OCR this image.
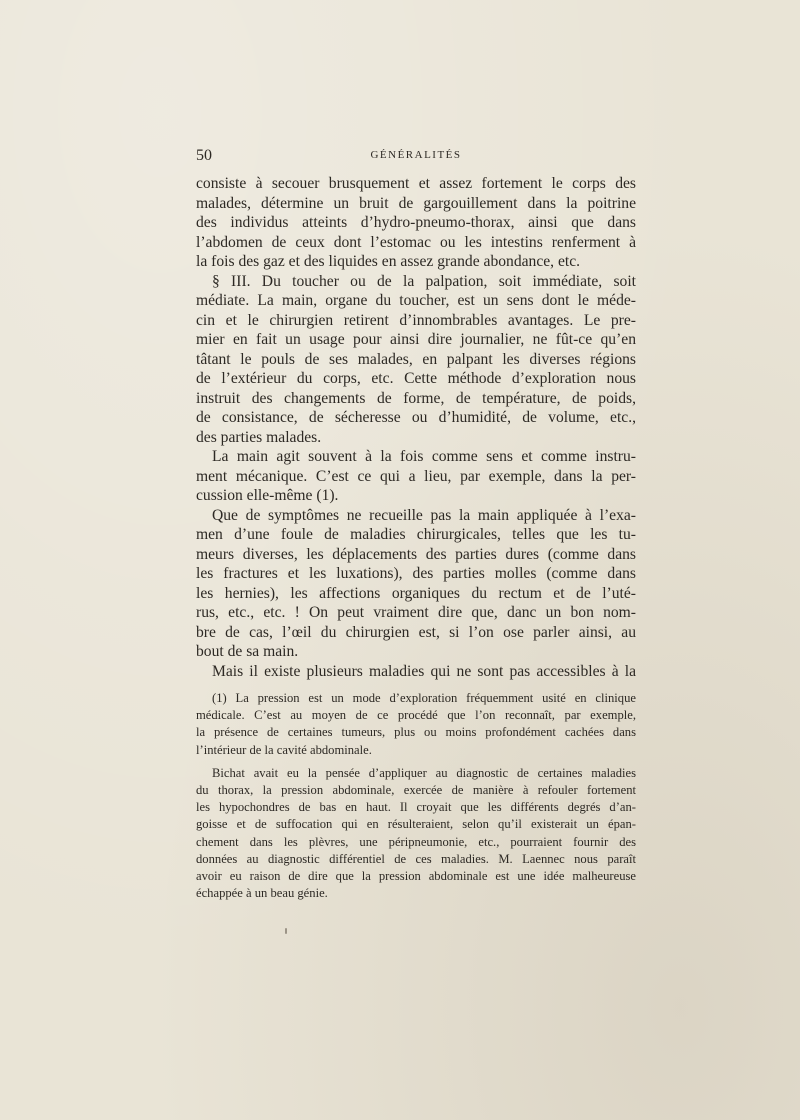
50	GÉNÉRALITÉS
consiste à secouer brusquement et assez fortement le corps des
malades, détermine un bruit de gargouillement dans la poitrine
des individus atteints d’hydro-pneumo-thorax, ainsi que dans
l’abdomen de ceux dont l’estomac ou les intestins renferment à
la fois des gaz et des liquides en assez grande abondance, etc.
§ III. Du toucher ou de la palpation, soit immédiate, soit
médiate. La main, organe du toucher, est un sens dont le méde-
cin et le chirurgien retirent d’innombrables avantages. Le pre-
mier en fait un usage pour ainsi dire journalier, ne fût-ce qu’en
tâtant le pouls de ses malades, en palpant les diverses régions
de l’extérieur du corps, etc. Cette méthode d’exploration nous
instruit des changements de forme, de température, de poids,
de consistance, de sécheresse ou d’humidité, de volume, etc.,
des parties malades.
La main agit souvent à la fois comme sens et comme instru-
ment mécanique. C’est ce qui a lieu, par exemple, dans la per-
cussion elle-même (1).
Que de symptômes ne recueille pas la main appliquée à l’exa-
men d’une foule de maladies chirurgicales, telles que les tu-
meurs diverses, les déplacements des parties dures (comme dans
les fractures et les luxations), des parties molles (comme dans
les hernies), les affections organiques du rectum et de l’uté-
rus, etc., etc. ! On peut vraiment dire que, danc un bon nom-
bre de cas, l’œil du chirurgien est, si l’on ose parler ainsi, au
bout de sa main.
Mais il existe plusieurs maladies qui ne sont pas accessibles à la
(1) La pression est un mode d’exploration fréquemment usité en clinique
médicale. C’est au moyen de ce procédé que l’on reconnaît, par exemple,
la présence de certaines tumeurs, plus ou moins profondément cachées dans
l’intérieur de la cavité abdominale.
Bichat avait eu la pensée d’appliquer au diagnostic de certaines maladies
du thorax, la pression abdominale, exercée de manière à refouler fortement
les hypochondres de bas en haut. Il croyait que les différents degrés d’an-
goisse et de suffocation qui en résulteraient, selon qu’il existerait un épan-
chement dans les plèvres, une péripneumonie, etc., pourraient fournir des
données au diagnostic différentiel de ces maladies. M. Laennec nous paraît
avoir eu raison de dire que la pression abdominale est une idée malheureuse
échappée à un beau génie.
